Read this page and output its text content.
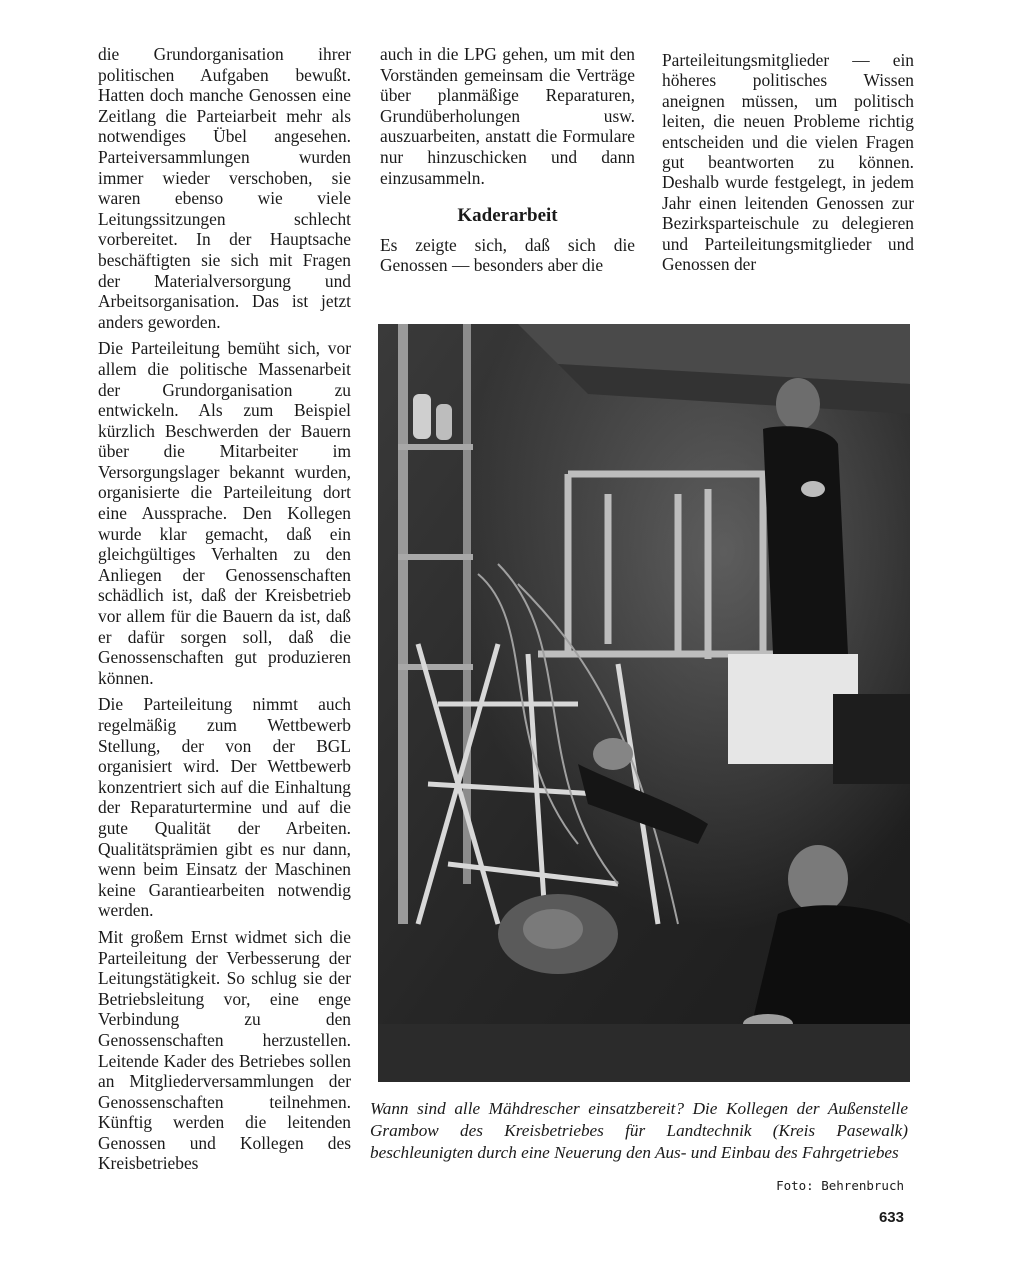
die Grundorganisation ihrer politischen Aufgaben bewußt. Hatten doch manche Genossen eine Zeitlang die Parteiarbeit mehr als notwendiges Übel angesehen. Parteiversammlungen wurden immer wieder verschoben, sie waren ebenso wie viele Leitungssitzungen schlecht vorbereitet. In der Hauptsache beschäftigten sie sich mit Fragen der Materialversorgung und Arbeitsorganisation. Das ist jetzt anders geworden.

Die Parteileitung bemüht sich, vor allem die politische Massenarbeit der Grundorganisation zu entwickeln. Als zum Beispiel kürzlich Beschwerden der Bauern über die Mitarbeiter im Versorgungslager bekannt wurden, organisierte die Parteileitung dort eine Aussprache. Den Kollegen wurde klar gemacht, daß ein gleichgültiges Verhalten zu den Anliegen der Genossenschaften schädlich ist, daß der Kreisbetrieb vor allem für die Bauern da ist, daß er dafür sorgen soll, daß die Genossenschaften gut produzieren können.

Die Parteileitung nimmt auch regelmäßig zum Wettbewerb Stellung, der von der BGL organisiert wird. Der Wettbewerb konzentriert sich auf die Einhaltung der Reparaturtermine und auf die gute Qualität der Arbeiten. Qualitätsprämien gibt es nur dann, wenn beim Einsatz der Maschinen keine Garantiearbeiten notwendig werden.

Mit großem Ernst widmet sich die Parteileitung der Verbesserung der Leitungstätigkeit. So schlug sie der Betriebsleitung vor, eine enge Verbindung zu den Genossenschaften herzustellen. Leitende Kader des Betriebes sollen an Mitgliederversammlungen der Genossenschaften teilnehmen. Künftig werden die leitenden Genossen und Kollegen des Kreisbetriebes

auch in die LPG gehen, um mit den Vorständen gemeinsam die Verträge über planmäßige Reparaturen, Grundüberholungen usw. auszuarbeiten, anstatt die Formulare nur hinzuschicken und dann einzusammeln.

Kaderarbeit

Es zeigte sich, daß sich die Genossen — besonders aber die

Parteileitungsmitglieder — ein höheres politisches Wissen aneignen müssen, um politisch leiten, die neuen Probleme richtig entscheiden und die vielen Fragen gut beantworten zu können. Deshalb wurde festgelegt, in jedem Jahr einen leitenden Genossen zur Bezirksparteischule zu delegieren und Parteileitungsmitglieder und Genossen der

Wann sind alle Mähdrescher einsatzbereit? Die Kollegen der Außenstelle Grambow des Kreisbetriebes für Landtechnik (Kreis Pasewalk) beschleunigten durch eine Neuerung den Aus- und Einbau des Fahrgetriebes
Foto: Behrenbruch
633
